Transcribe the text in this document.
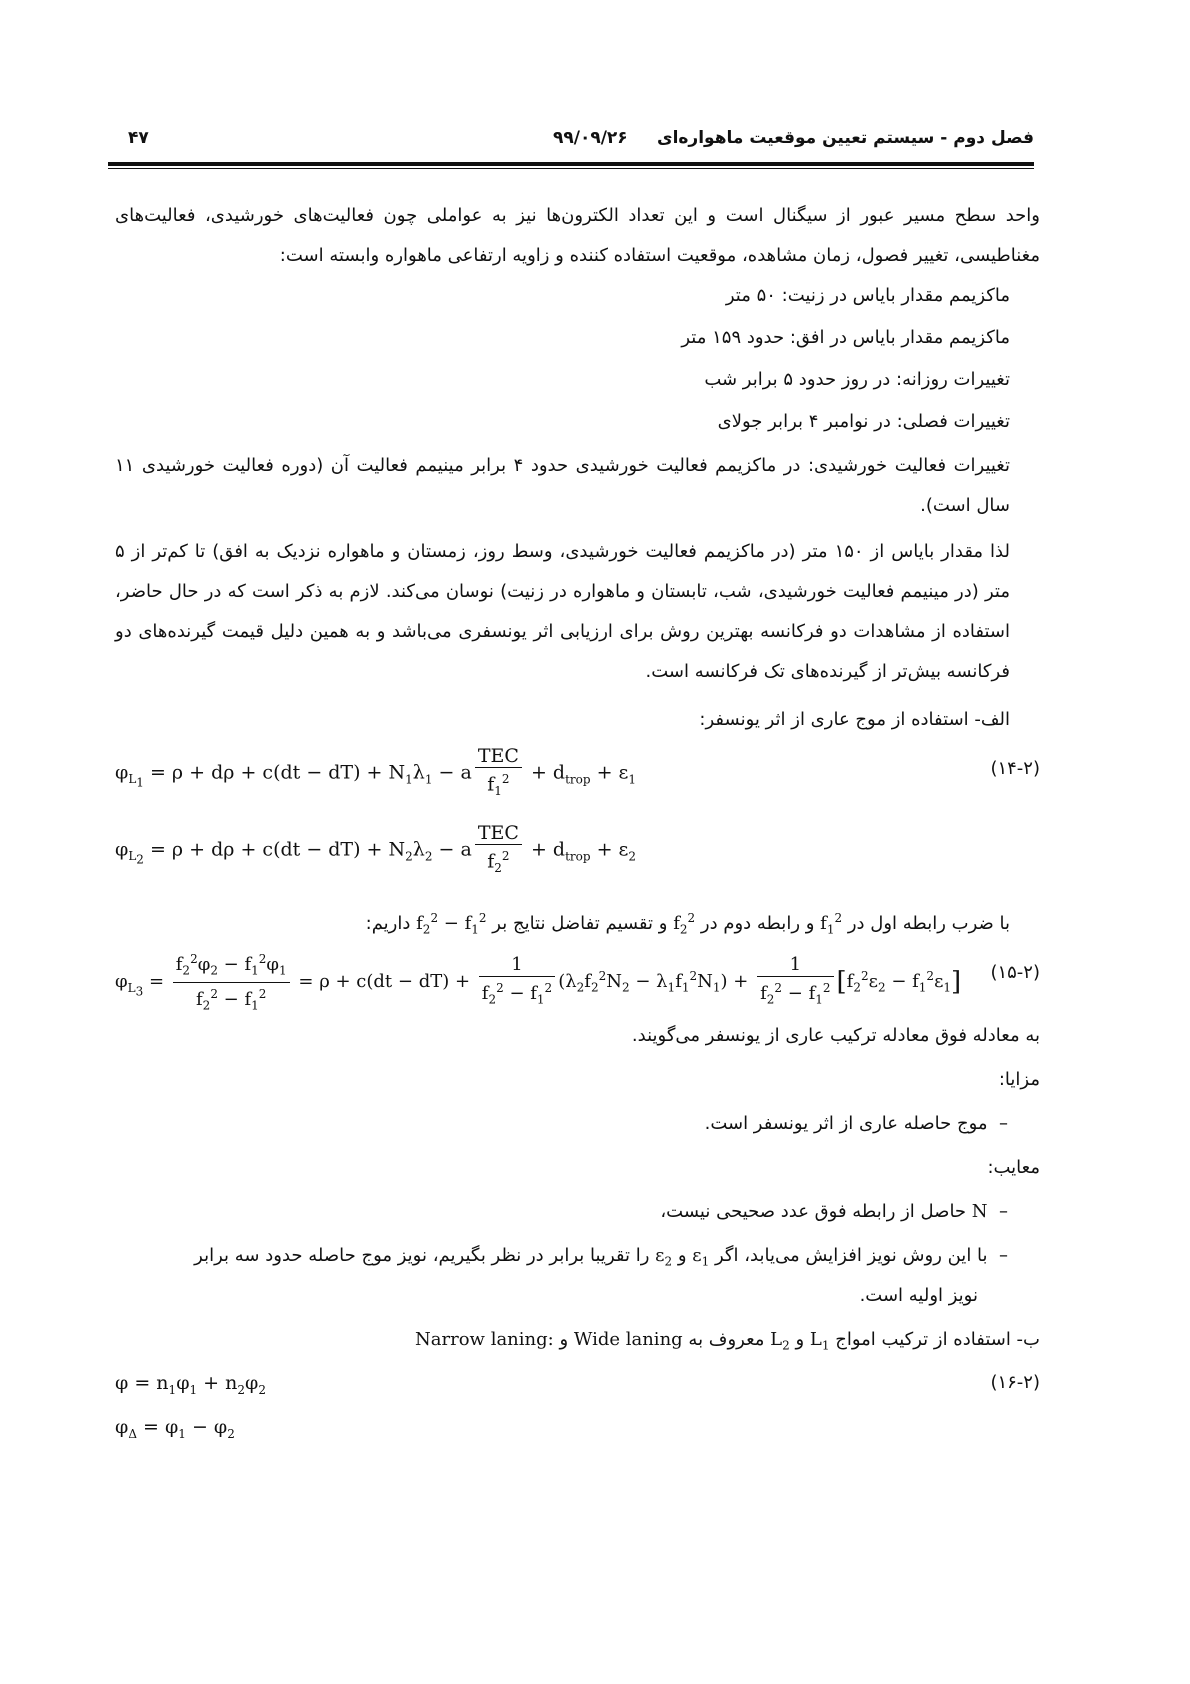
فصل دوم - سیستم تعیین موقعیت ماهواره‌ای
۹۹/۰۹/۲۶
۴۷

واحد سطح مسیر عبور از سیگنال است و این تعداد الکترون‌ها نیز به عواملی چون فعالیت‌های خورشیدی، فعالیت‌های مغناطیسی، تغییر فصول، زمان مشاهده، موقعیت استفاده کننده و زاویه ارتفاعی ماهواره وابسته است:

ماکزیمم مقدار بایاس در زنیت: ۵۰ متر
ماکزیمم مقدار بایاس در افق: حدود ۱۵۹ متر
تغییرات روزانه: در روز حدود ۵ برابر شب
تغییرات فصلی: در نوامبر ۴ برابر جولای

تغییرات فعالیت خورشیدی: در ماکزیمم فعالیت خورشیدی حدود ۴ برابر مینیمم فعالیت آن (دوره فعالیت خورشیدی ۱۱ سال است).

لذا مقدار بایاس از ۱۵۰ متر (در ماکزیمم فعالیت خورشیدی، وسط روز، زمستان و ماهواره نزدیک به افق) تا کم‌تر از ۵ متر (در مینیمم فعالیت خورشیدی، شب، تابستان و ماهواره در زنیت) نوسان می‌کند. لازم به ذکر است که در حال حاضر، استفاده از مشاهدات دو فرکانسه بهترین روش برای ارزیابی اثر یونسفری می‌باشد و به همین دلیل قیمت گیرنده‌های دو فرکانسه بیش‌تر از گیرنده‌های تک فرکانسه است.

الف- استفاده از موج عاری از اثر یونسفر:
$\varphi_{L_1} = \rho + d\rho + c(dt - dT) + N_1\lambda_1 - a \frac{\text{TEC}}{f_1^2} + d_{trop} + \varepsilon_1$
(۱۴-۲)
$\varphi_{L_2} = \rho + d\rho + c(dt - dT) + N_2\lambda_2 - a \frac{\text{TEC}}{f_2^2} + d_{trop} + \varepsilon_2$
با ضرب رابطه اول در $f_1^2$ و رابطه دوم در $f_2^2$ و تقسیم تفاضل نتایج بر $f_2^2 - f_1^2$ داریم:
$\varphi_{L_3} = \frac{f_2^2\varphi_2 - f_1^2\varphi_1}{f_2^2 - f_1^2} = \rho + c(dt - dT) + \frac{1}{f_2^2 - f_1^2} (\lambda_2f_2^2N_2 - \lambda_1f_1^2N_1) + \frac{1}{f_2^2 - f_1^2} [f_2^2\varepsilon_2 - f_1^2\varepsilon_1]$ (۱۵-۲)
به معادله فوق معادله ترکیب عاری از یونسفر می‌گویند.
مزایا:
–  موج حاصله عاری از اثر یونسفر است.
معایب:
–  N حاصل از رابطه فوق عدد صحیحی نیست،
–  با این روش نویز افزایش می‌یابد، اگر $\varepsilon_1$ و $\varepsilon_2$ را تقریبا برابر در نظر بگیریم، نویز موج حاصله حدود سه برابر
نویز اولیه است.
ب- استفاده از ترکیب امواج $L_1$ و $L_2$ معروف به Wide laning و Narrow laning:
$\varphi = n_1\varphi_1 + n_2\varphi_2$	(۱۶-۲)
$\varphi_\Delta = \varphi_1 - \varphi_2$
